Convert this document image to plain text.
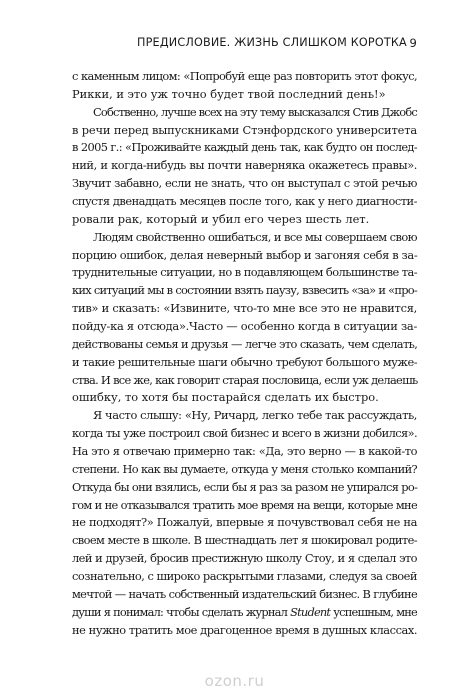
ПРЕДИСЛОВИЕ. ЖИЗНЬ СЛИШКОМ КОРОТКА 9
с каменным лицом: «Попробуй еще раз повторить этот фокус,
Рикки, и это уж точно будет твой последний день!»
Собственно, лучше всех на эту тему высказался Стив Джобс
в речи перед выпускниками Стэнфордского университета
в 2005 г.: «Проживайте каждый день так, как будто он послед-
ний, и когда-нибудь вы почти наверняка окажетесь правы».
Звучит забавно, если не знать, что он выступал с этой речью
спустя двенадцать месяцев после того, как у него диагности-
ровали рак, который и убил его через шесть лет.
Людям свойственно ошибаться, и все мы совершаем свою
порцию ошибок, делая неверный выбор и загоняя себя в за-
труднительные ситуации, но в подавляющем большинстве та-
ких ситуаций мы в состоянии взять паузу, взвесить «за» и «про-
тив» и сказать: «Извините, что-то мне все это не нравится,
пойду-ка я отсюда».Часто — особенно когда в ситуации за-
действованы семья и друзья — легче это сказать, чем сделать,
и такие решительные шаги обычно требуют большого муже-
ства. И все же, как говорит старая пословица, если уж делаешь
ошибку, то хотя бы постарайся сделать их быстро.
Я часто слышу: «Ну, Ричард, легко тебе так рассуждать,
когда ты уже построил свой бизнес и всего в жизни добился».
На это я отвечаю примерно так: «Да, это верно — в какой-то
степени. Но как вы думаете, откуда у меня столько компаний?
Откуда бы они взялись, если бы я раз за разом не упирался ро-
гом и не отказывался тратить мое время на вещи, которые мне
не подходят?» Пожалуй, впервые я почувствовал себя не на
своем месте в школе. В шестнадцать лет я шокировал родите-
лей и друзей, бросив престижную школу Стоу, и я сделал это
сознательно, с широко раскрытыми глазами, следуя за своей
мечтой — начать собственный издательский бизнес. В глубине
души я понимал: чтобы сделать журнал Student успешным, мне
не нужно тратить мое драгоценное время в душных классах.
ozon.ru
